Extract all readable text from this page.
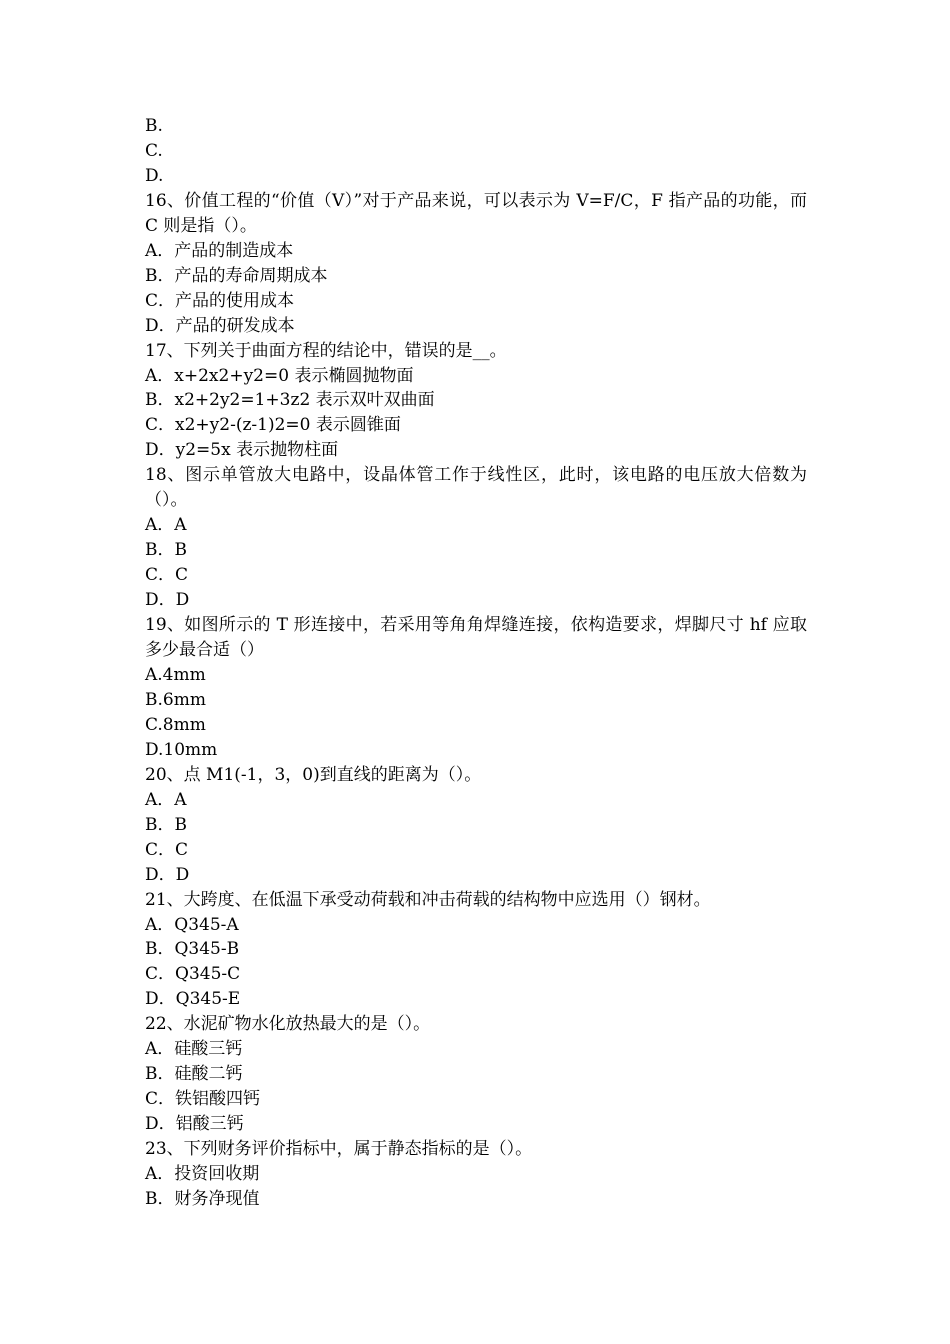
B.
C.
D.
16、价值工程的“价值（V）”对于产品来说，可以表示为 V=F/C，F 指产品的功能，而 C 则是指（）。
A．产品的制造成本
B．产品的寿命周期成本
C．产品的使用成本
D．产品的研发成本
17、下列关于曲面方程的结论中，错误的是__。
A．x+2x2+y2=0 表示椭圆抛物面
B．x2+2y2=1+3z2 表示双叶双曲面
C．x2+y2-(z-1)2=0 表示圆锥面
D．y2=5x 表示抛物柱面
18、图示单管放大电路中，设晶体管工作于线性区，此时，该电路的电压放大倍数为（）。
A．A
B．B
C．C
D．D
19、如图所示的 T 形连接中，若采用等角角焊缝连接，依构造要求，焊脚尺寸 hf 应取多少最合适（）
A.4mm
B.6mm
C.8mm
D.10mm
20、点 M1(-1，3，0)到直线的距离为（）。
A．A
B．B
C．C
D．D
21、大跨度、在低温下承受动荷载和冲击荷载的结构物中应选用（）钢材。
A．Q345-A
B．Q345-B
C．Q345-C
D．Q345-E
22、水泥矿物水化放热最大的是（）。
A．硅酸三钙
B．硅酸二钙
C．铁铝酸四钙
D．铝酸三钙
23、下列财务评价指标中，属于静态指标的是（）。
A．投资回收期
B．财务净现值
